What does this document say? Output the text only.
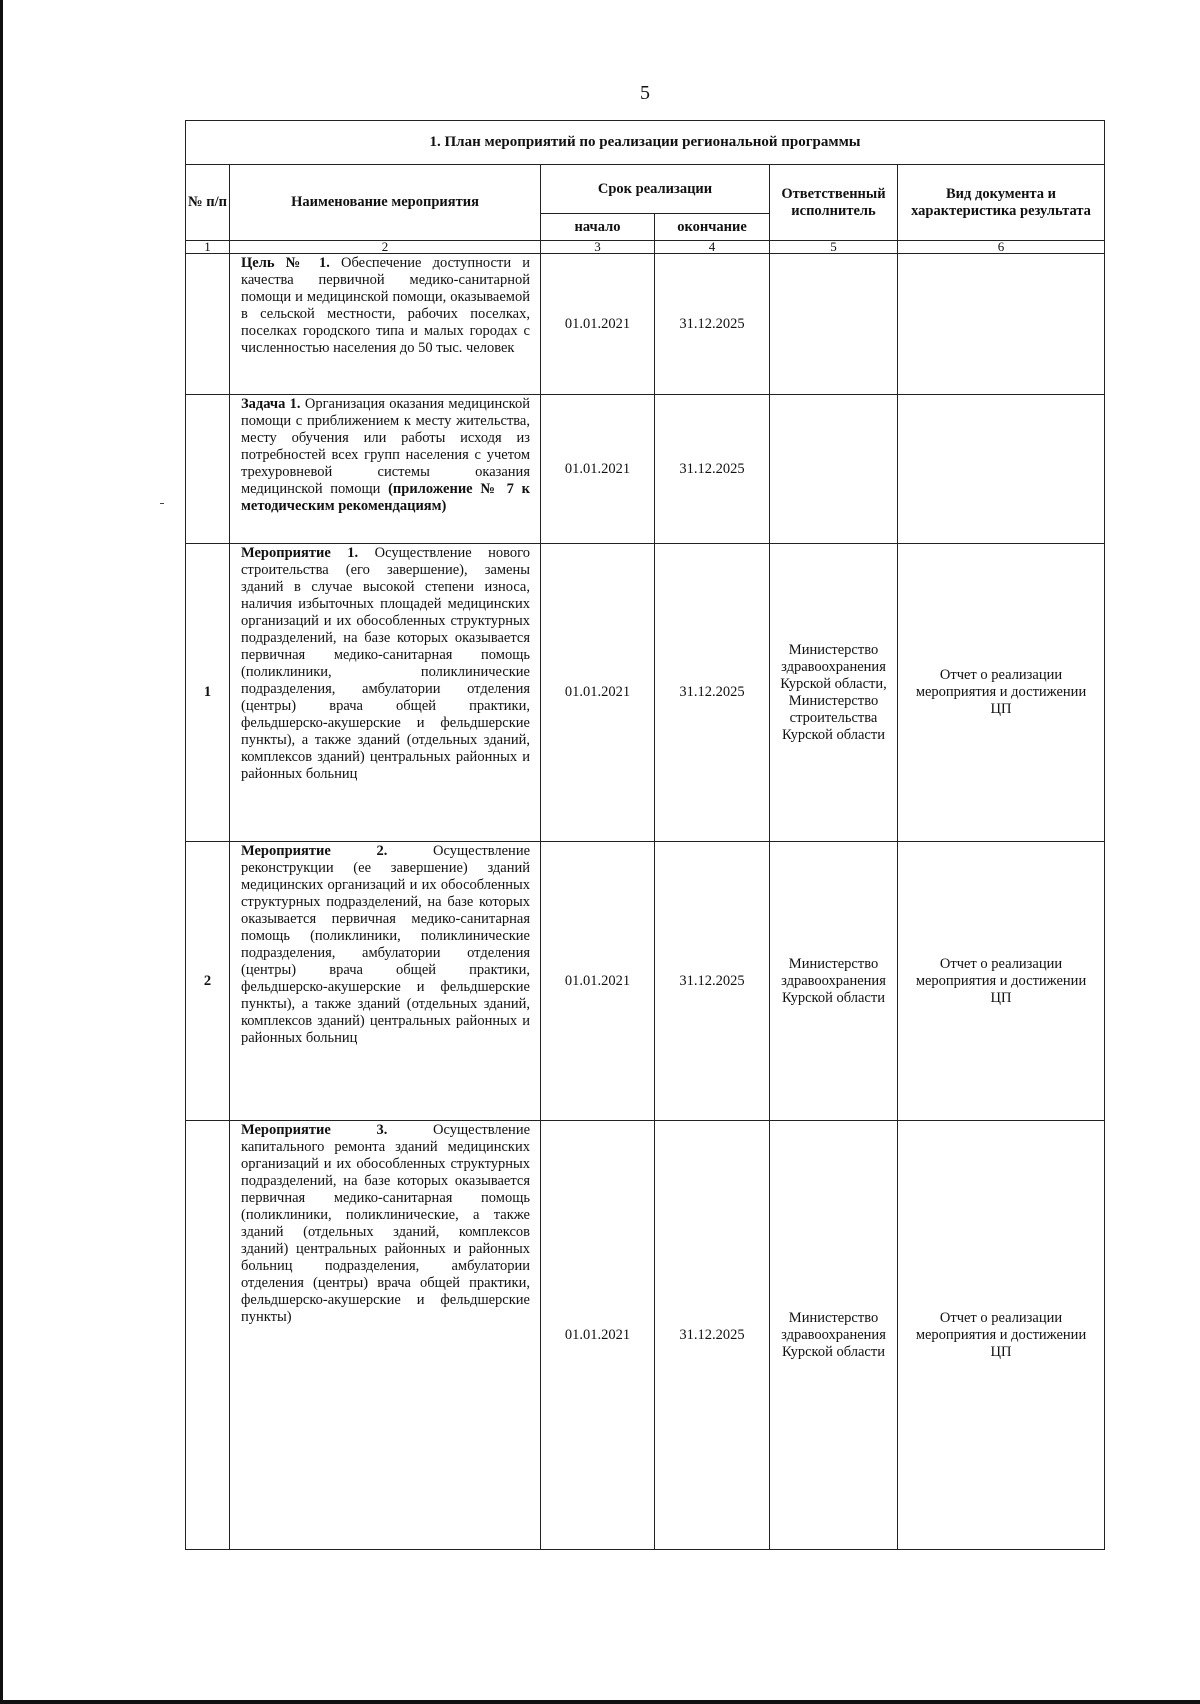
5
1. План мероприятий по реализации региональной программы					
№ п/п	Наименование мероприятия	Срок реализации		Ответственный исполнитель	Вид документа и характеристика результата
		начало	окончание		
1	2	3	4	5	6
	Цель № 1. Обеспечение доступности и качества первичной медико-санитарной помощи и медицинской помощи, оказываемой в сельской местности, рабочих поселках, поселках городского типа и малых городах с численностью населения до 50 тыс. человек	01.01.2021	31.12.2025		
	Задача 1. Организация оказания медицинской помощи с приближением к месту жительства, месту обучения или работы исходя из потребностей всех групп населения с учетом трехуровневой системы оказания медицинской помощи (приложение № 7 к методическим рекомендациям)	01.01.2021	31.12.2025		
1	Мероприятие 1. Осуществление нового строительства (его завершение), замены зданий в случае высокой степени износа, наличия избыточных площадей медицинских организаций и их обособленных структурных подразделений, на базе которых оказывается первичная медико-санитарная помощь (поликлиники, поликлинические подразделения, амбулатории отделения (центры) врача общей практики, фельдшерско-акушерские и фельдшерские пункты), а также зданий (отдельных зданий, комплексов зданий) центральных районных и районных больниц	01.01.2021	31.12.2025	Министерство здравоохранения Курской области, Министерство строительства Курской области	Отчет о реализации мероприятия и достижении ЦП
2	Мероприятие 2. Осуществление реконструкции (ее завершение) зданий медицинских организаций и их обособленных структурных подразделений, на базе которых оказывается первичная медико-санитарная помощь (поликлиники, поликлинические подразделения, амбулатории отделения (центры) врача общей практики, фельдшерско-акушерские и фельдшерские пункты), а также зданий (отдельных зданий, комплексов зданий) центральных районных и районных больниц	01.01.2021	31.12.2025	Министерство здравоохранения Курской области	Отчет о реализации мероприятия и достижении ЦП
	Мероприятие 3. Осуществление капитального ремонта зданий медицинских организаций и их обособленных структурных подразделений, на базе которых оказывается первичная медико-санитарная помощь (поликлиники, поликлинические, а также зданий (отдельных зданий, комплексов зданий) центральных районных и районных больниц подразделения, амбулатории отделения (центры) врача общей практики, фельдшерско-акушерские и фельдшерские пункты)	01.01.2021	31.12.2025	Министерство здравоохранения Курской области	Отчет о реализации мероприятия и достижении ЦП
